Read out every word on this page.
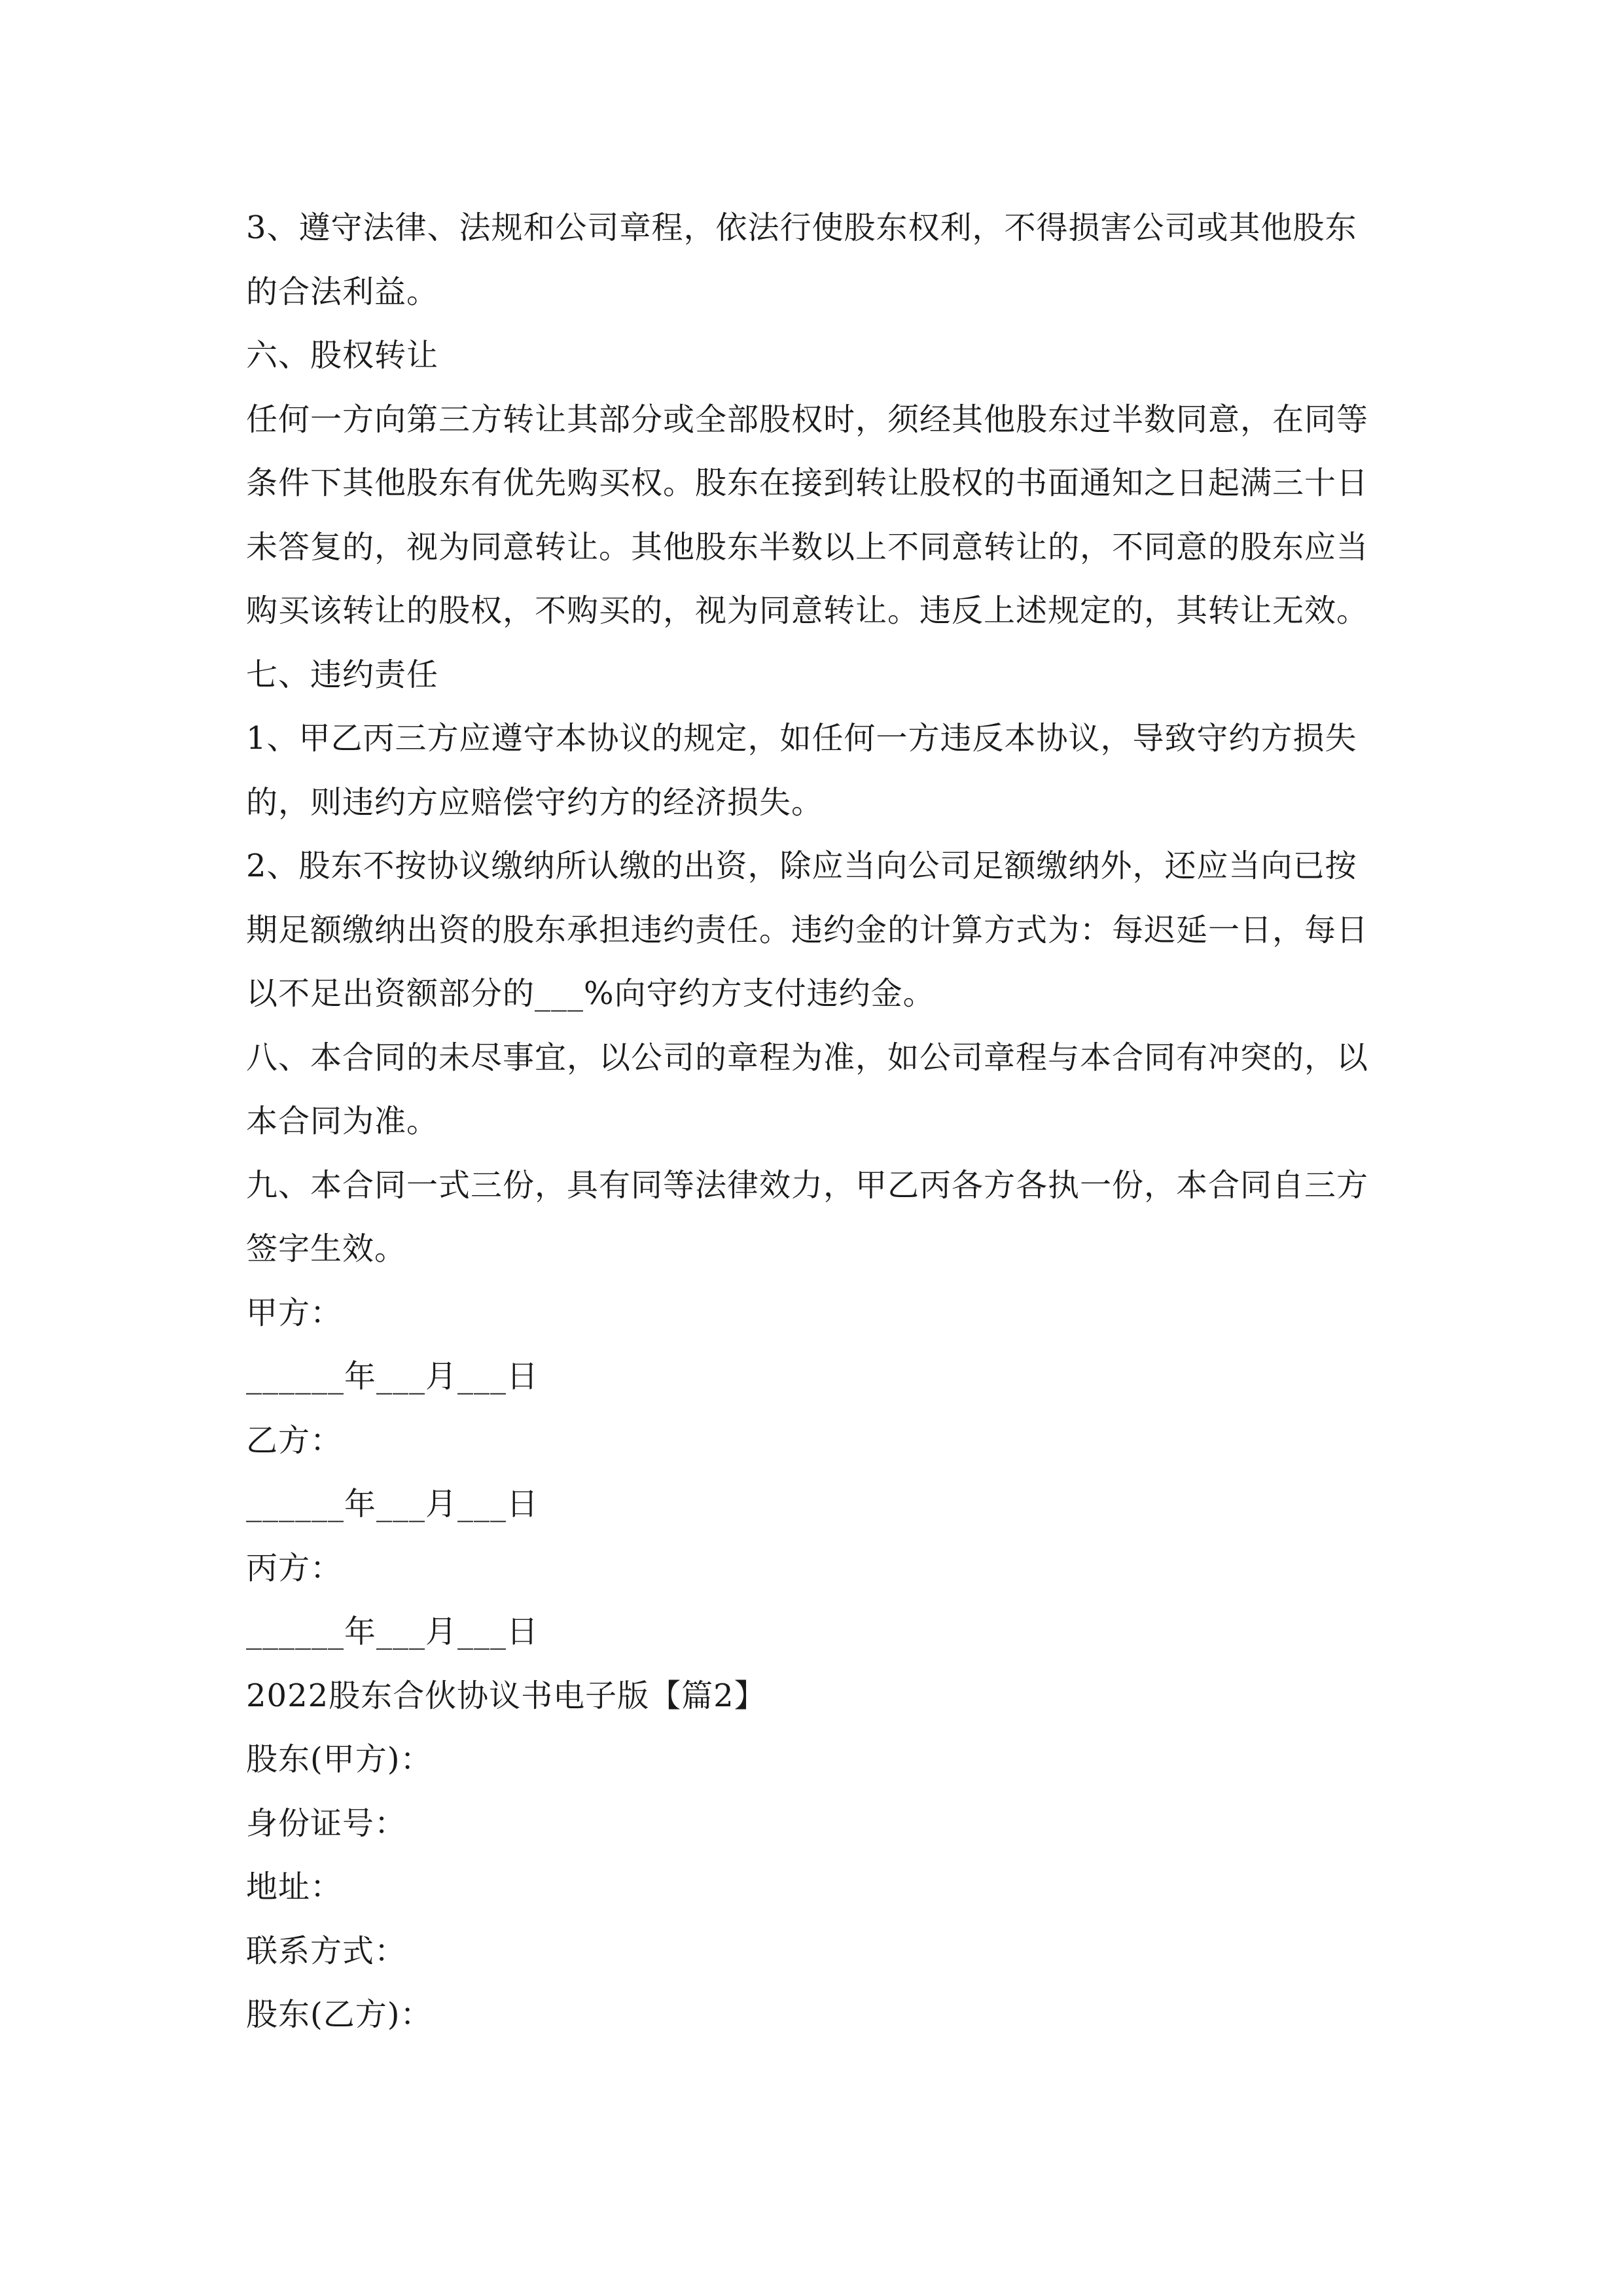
3、遵守法律、法规和公司章程，依法行使股东权利，不得损害公司或其他股东
的合法利益。
六、股权转让
任何一方向第三方转让其部分或全部股权时，须经其他股东过半数同意，在同等
条件下其他股东有优先购买权。股东在接到转让股权的书面通知之日起满三十日
未答复的，视为同意转让。其他股东半数以上不同意转让的，不同意的股东应当
购买该转让的股权，不购买的，视为同意转让。违反上述规定的，其转让无效。
七、违约责任
1、甲乙丙三方应遵守本协议的规定，如任何一方违反本协议，导致守约方损失
的，则违约方应赔偿守约方的经济损失。
2、股东不按协议缴纳所认缴的出资，除应当向公司足额缴纳外，还应当向已按
期足额缴纳出资的股东承担违约责任。违约金的计算方式为：每迟延一日，每日
以不足出资额部分的___%向守约方支付违约金。
八、本合同的未尽事宜，以公司的章程为准，如公司章程与本合同有冲突的，以
本合同为准。
九、本合同一式三份，具有同等法律效力，甲乙丙各方各执一份，本合同自三方
签字生效。
甲方：
______年___月___日
乙方：
______年___月___日
丙方：
______年___月___日
2022股东合伙协议书电子版【篇2】
股东(甲方)：
身份证号：
地址：
联系方式：
股东(乙方)：
